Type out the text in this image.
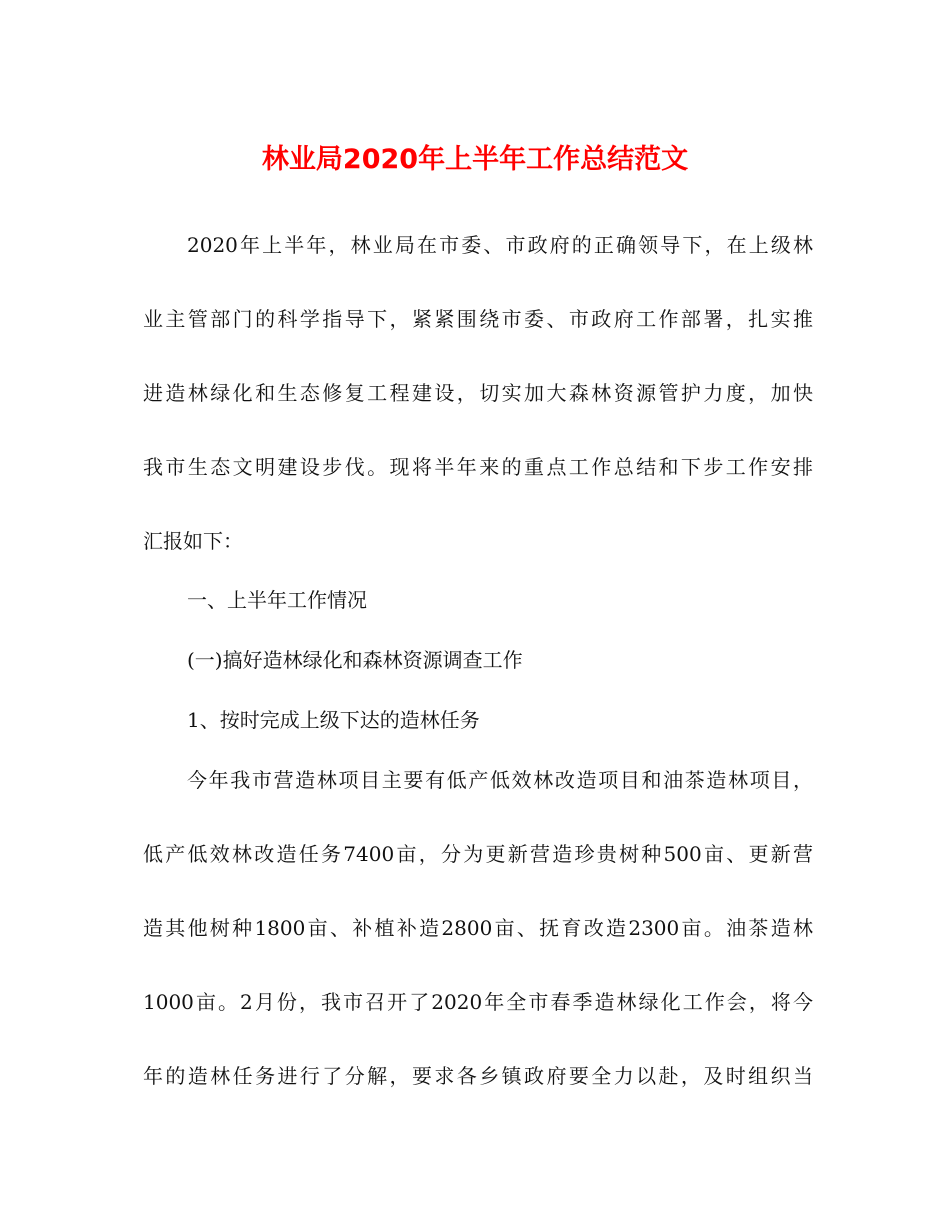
林业局2020年上半年工作总结范文

2020年上半年，林业局在市委、市政府的正确领导下，在上级林

业主管部门的科学指导下，紧紧围绕市委、市政府工作部署，扎实推

进造林绿化和生态修复工程建设，切实加大森林资源管护力度，加快

我市生态文明建设步伐。现将半年来的重点工作总结和下步工作安排

汇报如下：

一、上半年工作情况

(一)搞好造林绿化和森林资源调查工作

1、按时完成上级下达的造林任务

今年我市营造林项目主要有低产低效林改造项目和油茶造林项目，

低产低效林改造任务7400亩，分为更新营造珍贵树种500亩、更新营

造其他树种1800亩、补植补造2800亩、抚育改造2300亩。油茶造林

1000亩。2月份，我市召开了2020年全市春季造林绿化工作会，将今

年的造林任务进行了分解，要求各乡镇政府要全力以赴，及时组织当
